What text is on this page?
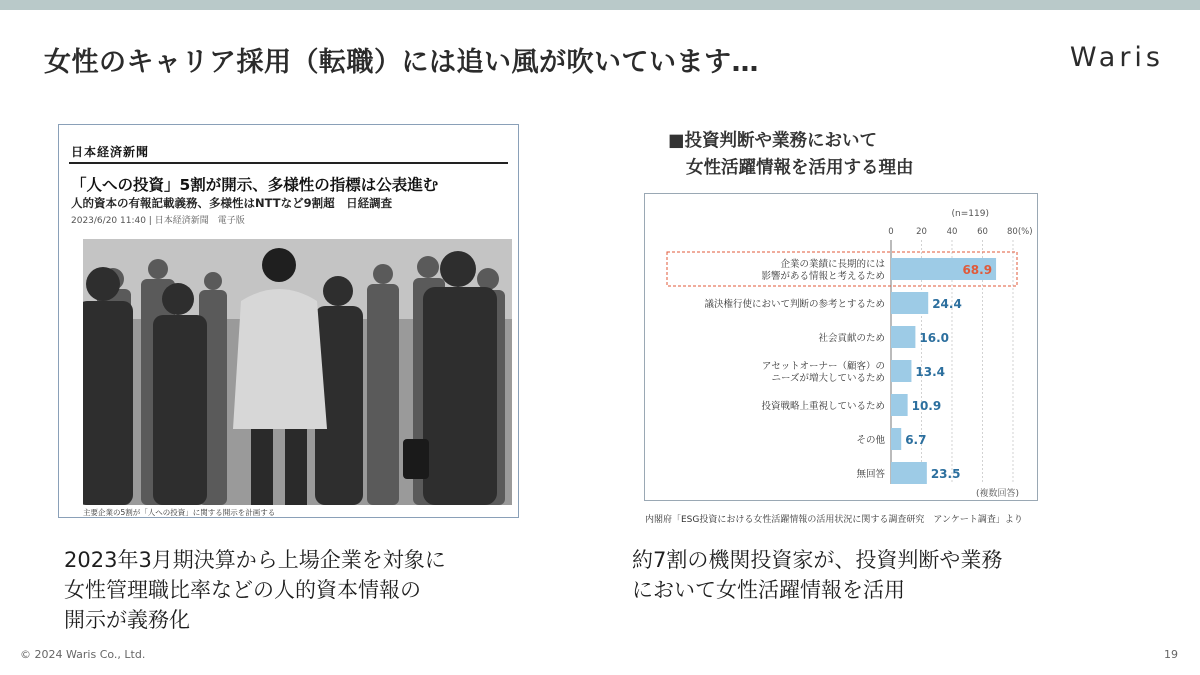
女性のキャリア採用（転職）には追い風が吹いています…	Waris
日本経済新聞
「人への投資」5割が開示、多様性の指標は公表進む
人的資本の有報記載義務、多様性はNTTなど9割超　日経調査
2023/6/20 11:40 | 日本経済新聞　電子版
主要企業の5割が「人への投資」に関する開示を計画する
■投資判断や業務において
女性活躍情報を活用する理由
(n=119)
0	20 40 60 80(%)
68.9
企業の業績に長期的には
影響がある情報と考えるため
24.4
議決権行使において判断の参考とするため
16.0
社会貢献のため
13.4
アセットオーナー（顧客）の
ニーズが増大しているため
10.9
投資戦略上重視しているため
6.7
その他
23.5
無回答
(複数回答)
内閣府「ESG投資における女性活躍情報の活用状況に関する調査研究　アンケート調査」より
2023年3月期決算から上場企業を対象に
女性管理職比率などの人的資本情報の
開示が義務化
約7割の機関投資家が、投資判断や業務
において女性活躍情報を活用
© 2024 Waris Co., Ltd.	19
